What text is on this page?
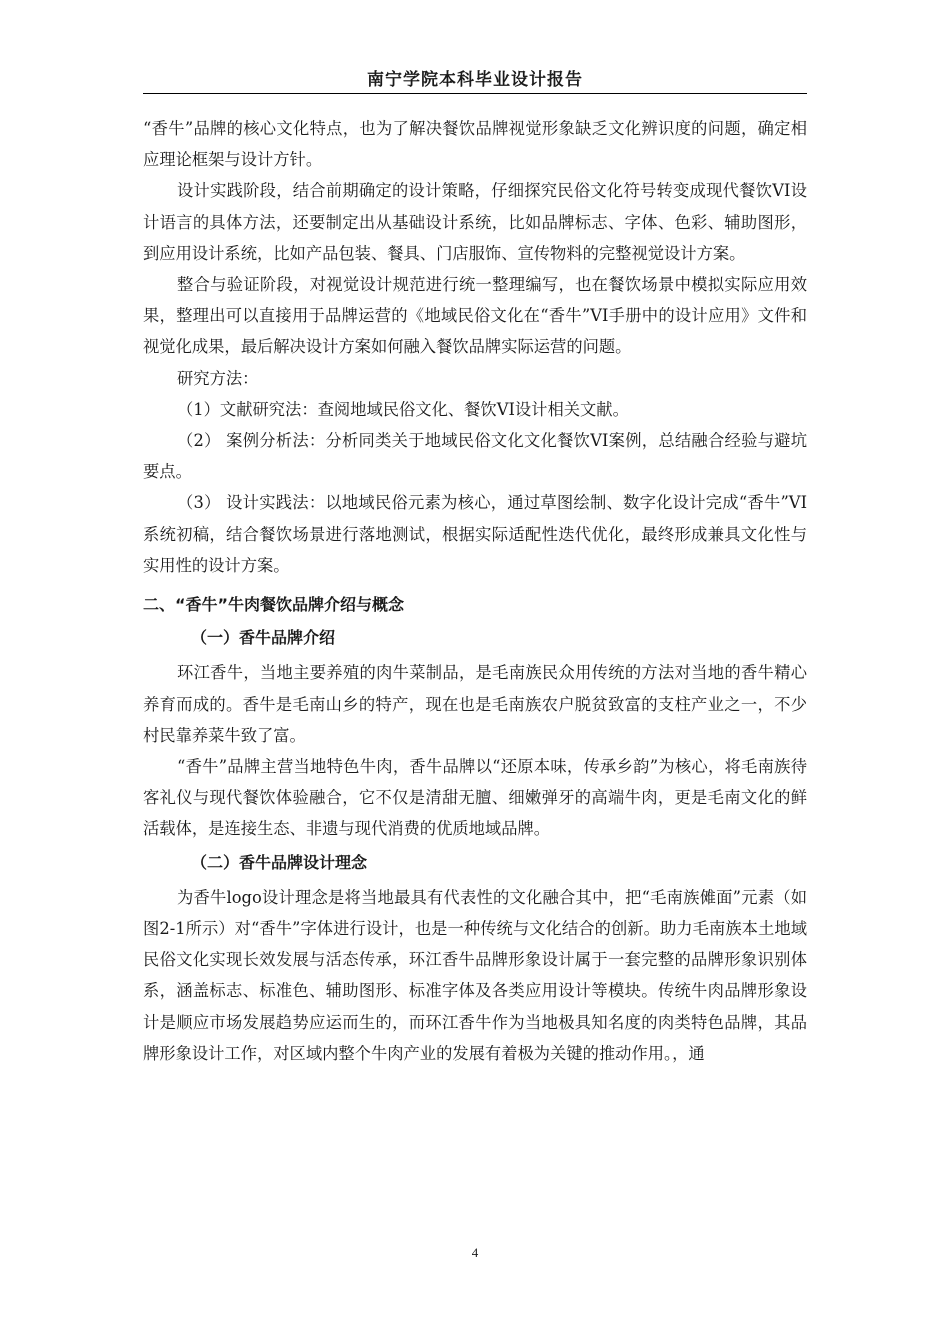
南宁学院本科毕业设计报告

“香牛”品牌的核心文化特点，也为了解决餐饮品牌视觉形象缺乏文化辨识度的问题，确定相应理论框架与设计方针。

设计实践阶段，结合前期确定的设计策略，仔细探究民俗文化符号转变成现代餐饮VI设计语言的具体方法，还要制定出从基础设计系统，比如品牌标志、字体、色彩、辅助图形，到应用设计系统，比如产品包装、餐具、门店服饰、宣传物料的完整视觉设计方案。

整合与验证阶段，对视觉设计规范进行统一整理编写，也在餐饮场景中模拟实际应用效果，整理出可以直接用于品牌运营的《地域民俗文化在“香牛”VI手册中的设计应用》文件和视觉化成果，最后解决设计方案如何融入餐饮品牌实际运营的问题。

研究方法：

（1）文献研究法：查阅地域民俗文化、餐饮VI设计相关文献。

（2） 案例分析法：分析同类关于地域民俗文化文化餐饮VI案例，总结融合经验与避坑要点。

（3） 设计实践法：以地域民俗元素为核心，通过草图绘制、数字化设计完成“香牛”VI系统初稿，结合餐饮场景进行落地测试，根据实际适配性迭代优化，最终形成兼具文化性与实用性的设计方案。

二、“香牛”牛肉餐饮品牌介绍与概念

（一）香牛品牌介绍

环江香牛，当地主要养殖的肉牛菜制品，是毛南族民众用传统的方法对当地的香牛精心养育而成的。香牛是毛南山乡的特产，现在也是毛南族农户脱贫致富的支柱产业之一，不少村民靠养菜牛致了富。

“香牛”品牌主营当地特色牛肉，香牛品牌以“还原本味，传承乡韵”为核心，将毛南族待客礼仪与现代餐饮体验融合，它不仅是清甜无膻、细嫩弹牙的高端牛肉，更是毛南文化的鲜活载体，是连接生态、非遗与现代消费的优质地域品牌。

（二）香牛品牌设计理念

为香牛logo设计理念是将当地最具有代表性的文化融合其中，把“毛南族傩面”元素（如图2-1所示）对“香牛”字体进行设计，也是一种传统与文化结合的创新。助力毛南族本土地域民俗文化实现长效发展与活态传承，环江香牛品牌形象设计属于一套完整的品牌形象识别体系，涵盖标志、标准色、辅助图形、标准字体及各类应用设计等模块。传统牛肉品牌形象设计是顺应市场发展趋势应运而生的，而环江香牛作为当地极具知名度的肉类特色品牌，其品牌形象设计工作，对区域内整个牛肉产业的发展有着极为关键的推动作用。，通

4
